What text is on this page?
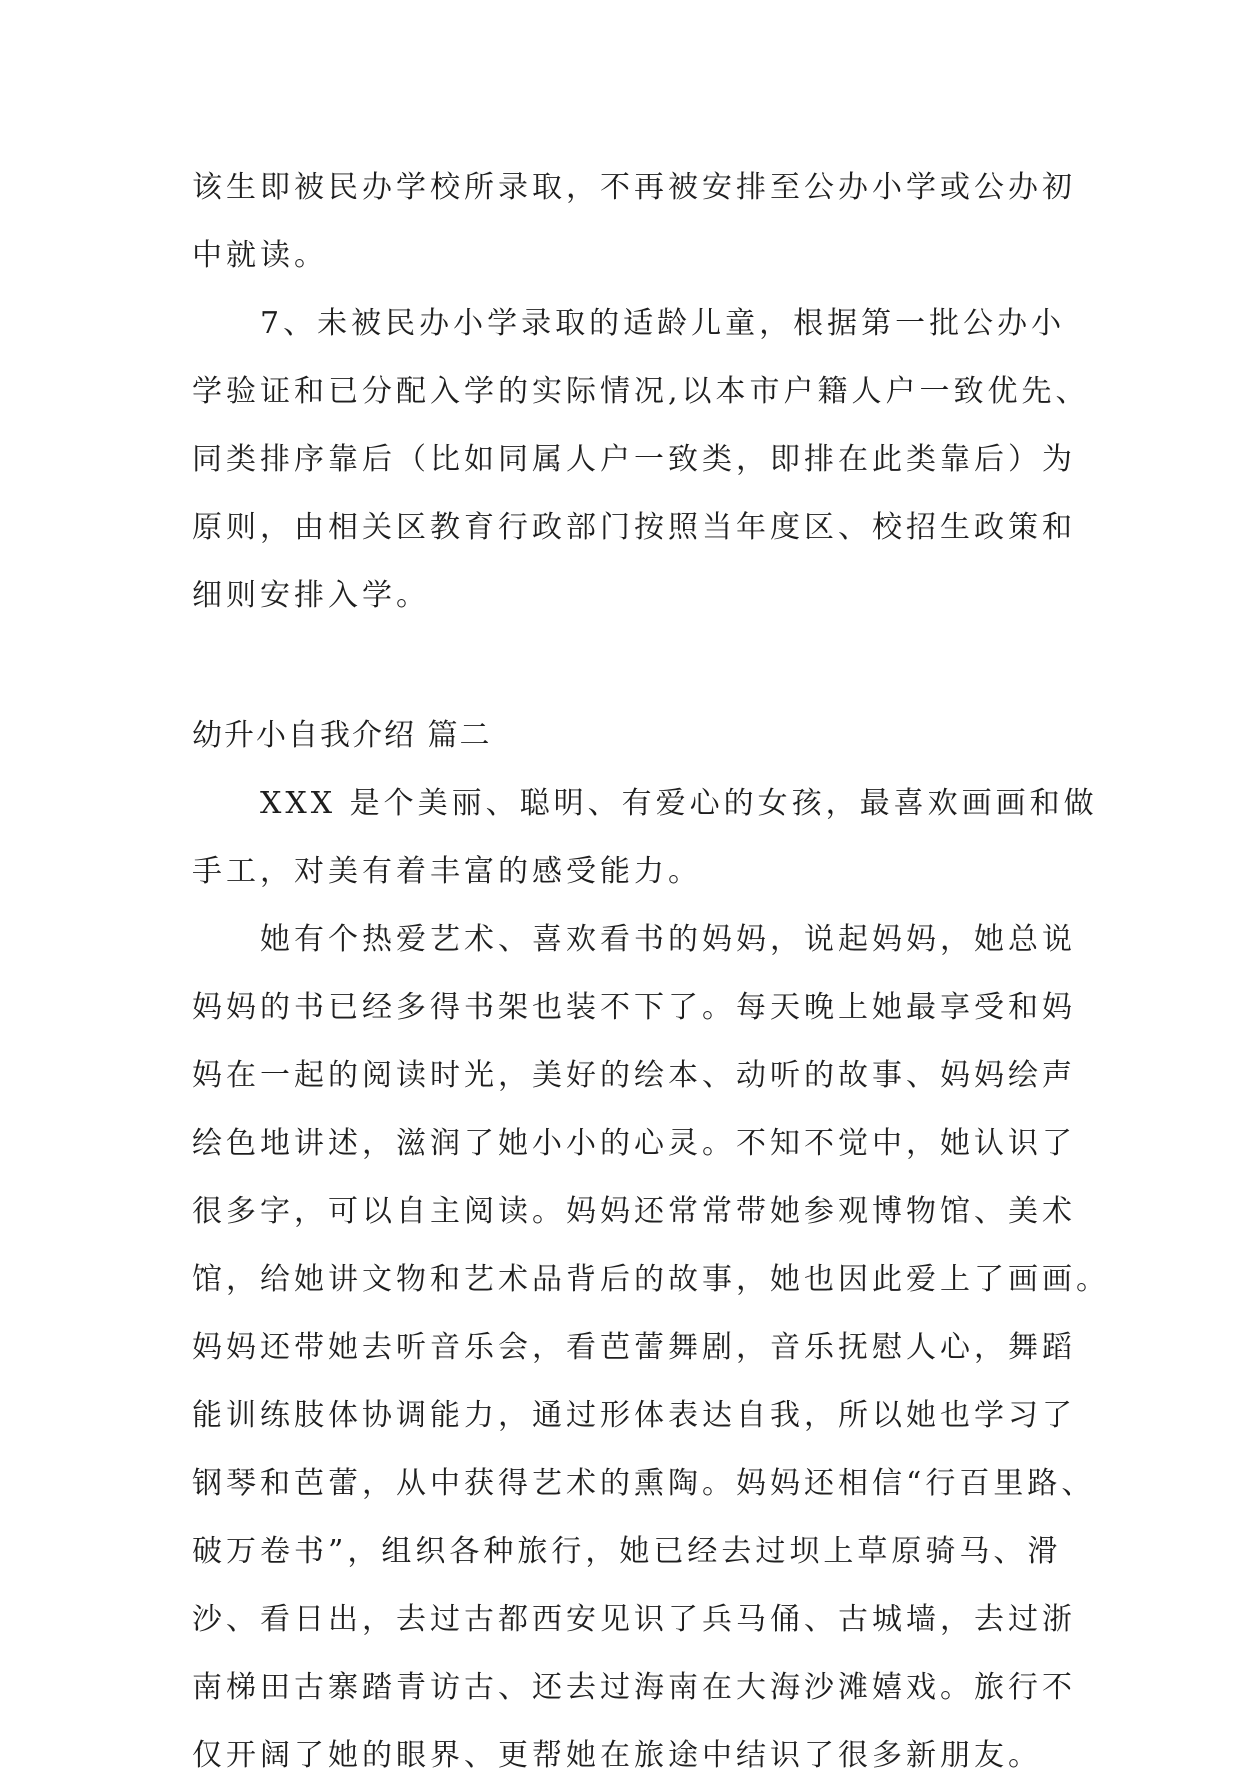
该生即被民办学校所录取，不再被安排至公办小学或公办初
中就读。
7、未被民办小学录取的适龄儿童，根据第一批公办小
学验证和已分配入学的实际情况,以本市户籍人户一致优先、
同类排序靠后（比如同属人户一致类，即排在此类靠后）为
原则，由相关区教育行政部门按照当年度区、校招生政策和
细则安排入学。
幼升小自我介绍 篇二
XXX 是个美丽、聪明、有爱心的女孩，最喜欢画画和做
手工，对美有着丰富的感受能力。
她有个热爱艺术、喜欢看书的妈妈，说起妈妈，她总说
妈妈的书已经多得书架也装不下了。每天晚上她最享受和妈
妈在一起的阅读时光，美好的绘本、动听的故事、妈妈绘声
绘色地讲述，滋润了她小小的心灵。不知不觉中，她认识了
很多字，可以自主阅读。妈妈还常常带她参观博物馆、美术
馆，给她讲文物和艺术品背后的故事，她也因此爱上了画画。
妈妈还带她去听音乐会，看芭蕾舞剧，音乐抚慰人心，舞蹈
能训练肢体协调能力，通过形体表达自我，所以她也学习了
钢琴和芭蕾，从中获得艺术的熏陶。妈妈还相信“行百里路、
破万卷书”，组织各种旅行，她已经去过坝上草原骑马、滑
沙、看日出，去过古都西安见识了兵马俑、古城墙，去过浙
南梯田古寨踏青访古、还去过海南在大海沙滩嬉戏。旅行不
仅开阔了她的眼界、更帮她在旅途中结识了很多新朋友。
